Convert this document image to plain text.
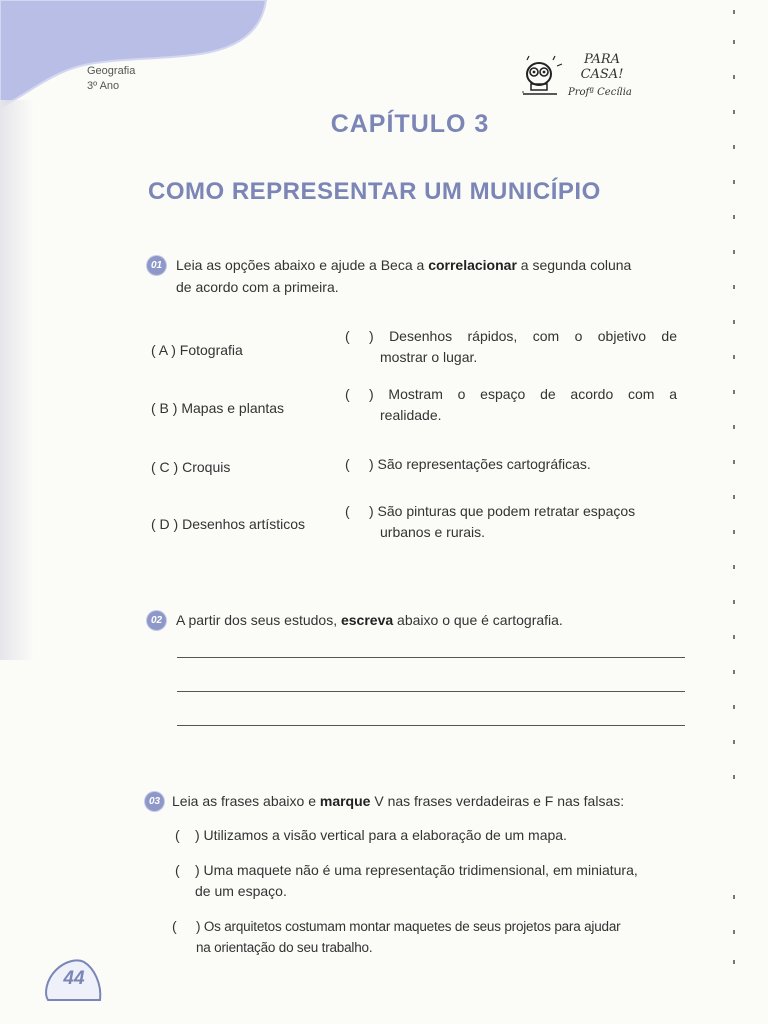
Geografia
3º Ano
PARA CASA!
Profª Cecília
CAPÍTULO 3
COMO REPRESENTAR UM MUNICÍPIO
01 Leia as opções abaixo e ajude a Beca a correlacionar a segunda coluna
de acordo com a primeira.
( A ) Fotografia
( B ) Mapas e plantas
( C ) Croquis
( D ) Desenhos artísticos
( ) Desenhos rápidos, com o objetivo de
mostrar o lugar.
( ) Mostram o espaço de acordo com a
realidade.
( ) São representações cartográficas.
( ) São pinturas que podem retratar espaços
urbanos e rurais.
02 A partir dos seus estudos, escreva abaixo o que é cartografia.
03 Leia as frases abaixo e marque V nas frases verdadeiras e F nas falsas:
( ) Utilizamos a visão vertical para a elaboração de um mapa.
( ) Uma maquete não é uma representação tridimensional, em miniatura,
de um espaço.
( ) Os arquitetos costumam montar maquetes de seus projetos para ajudar
na orientação do seu trabalho.
44
